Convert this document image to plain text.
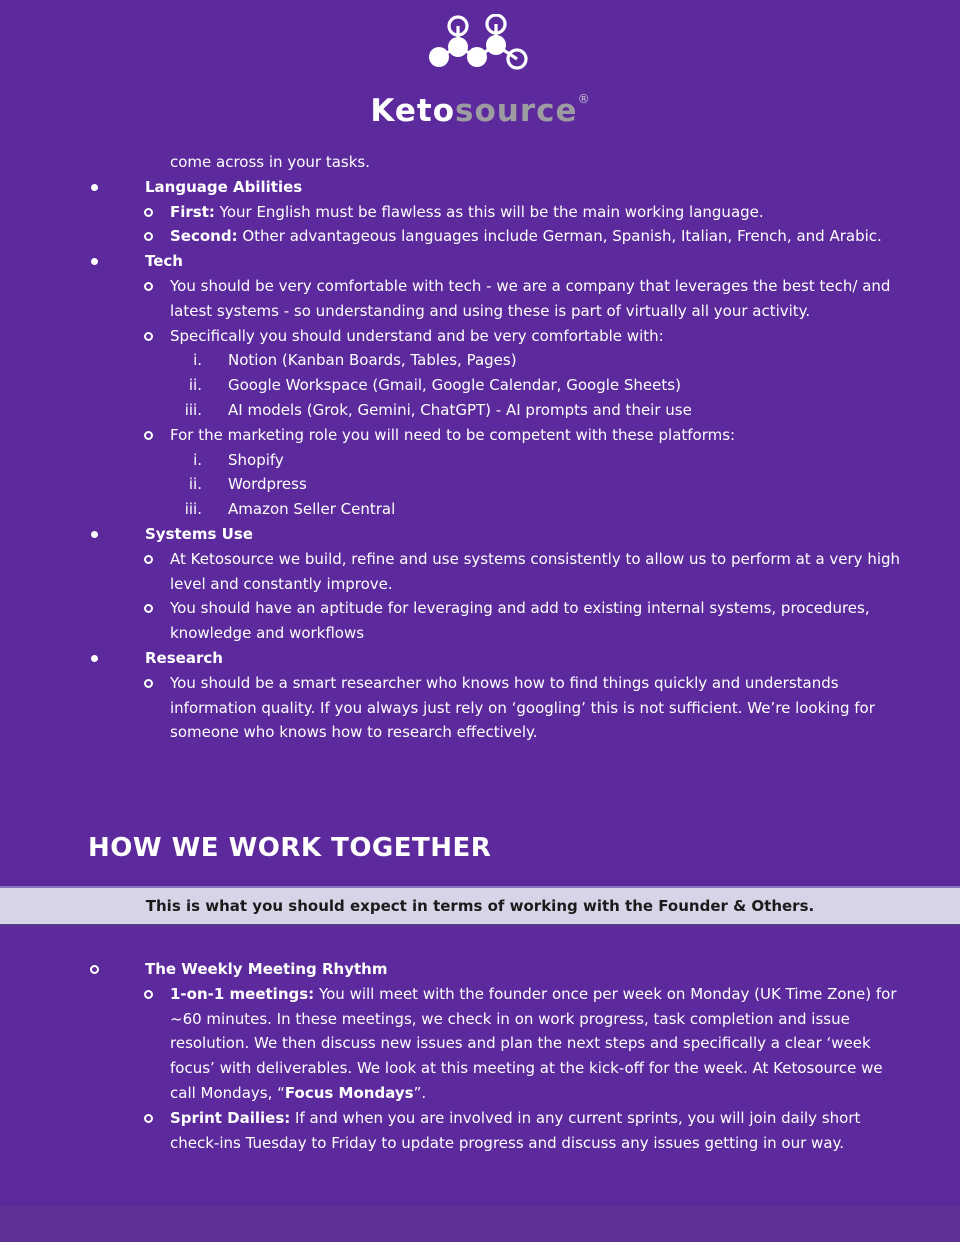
Ketosource®
come across in your tasks.
Language Abilities
First: Your English must be flawless as this will be the main working language.
Second: Other advantageous languages include German, Spanish, Italian, French, and Arabic.
Tech
You should be very comfortable with tech - we are a company that leverages the best tech/ and latest systems - so understanding and using these is part of virtually all your activity.
Specifically you should understand and be very comfortable with:
i. Notion (Kanban Boards, Tables, Pages)
ii. Google Workspace (Gmail, Google Calendar, Google Sheets)
iii. AI models (Grok, Gemini, ChatGPT) - AI prompts and their use
For the marketing role you will need to be competent with these platforms:
i. Shopify
ii. Wordpress
iii. Amazon Seller Central
Systems Use
At Ketosource we build, refine and use systems consistently to allow us to perform at a very high level and constantly improve.
You should have an aptitude for leveraging and add to existing internal systems, procedures, knowledge and workflows
Research
You should be a smart researcher who knows how to find things quickly and understands information quality. If you always just rely on ‘googling’ this is not sufficient. We’re looking for someone who knows how to research effectively.
HOW WE WORK TOGETHER
This is what you should expect in terms of working with the Founder & Others.
The Weekly Meeting Rhythm
1-on-1 meetings: You will meet with the founder once per week on Monday (UK Time Zone) for ~60 minutes. In these meetings, we check in on work progress, task completion and issue resolution. We then discuss new issues and plan the next steps and specifically a clear ‘week focus’ with deliverables. We look at this meeting at the kick-off for the week. At Ketosource we call Mondays, “Focus Mondays”.
Sprint Dailies: If and when you are involved in any current sprints, you will join daily short check-ins Tuesday to Friday to update progress and discuss any issues getting in our way.
